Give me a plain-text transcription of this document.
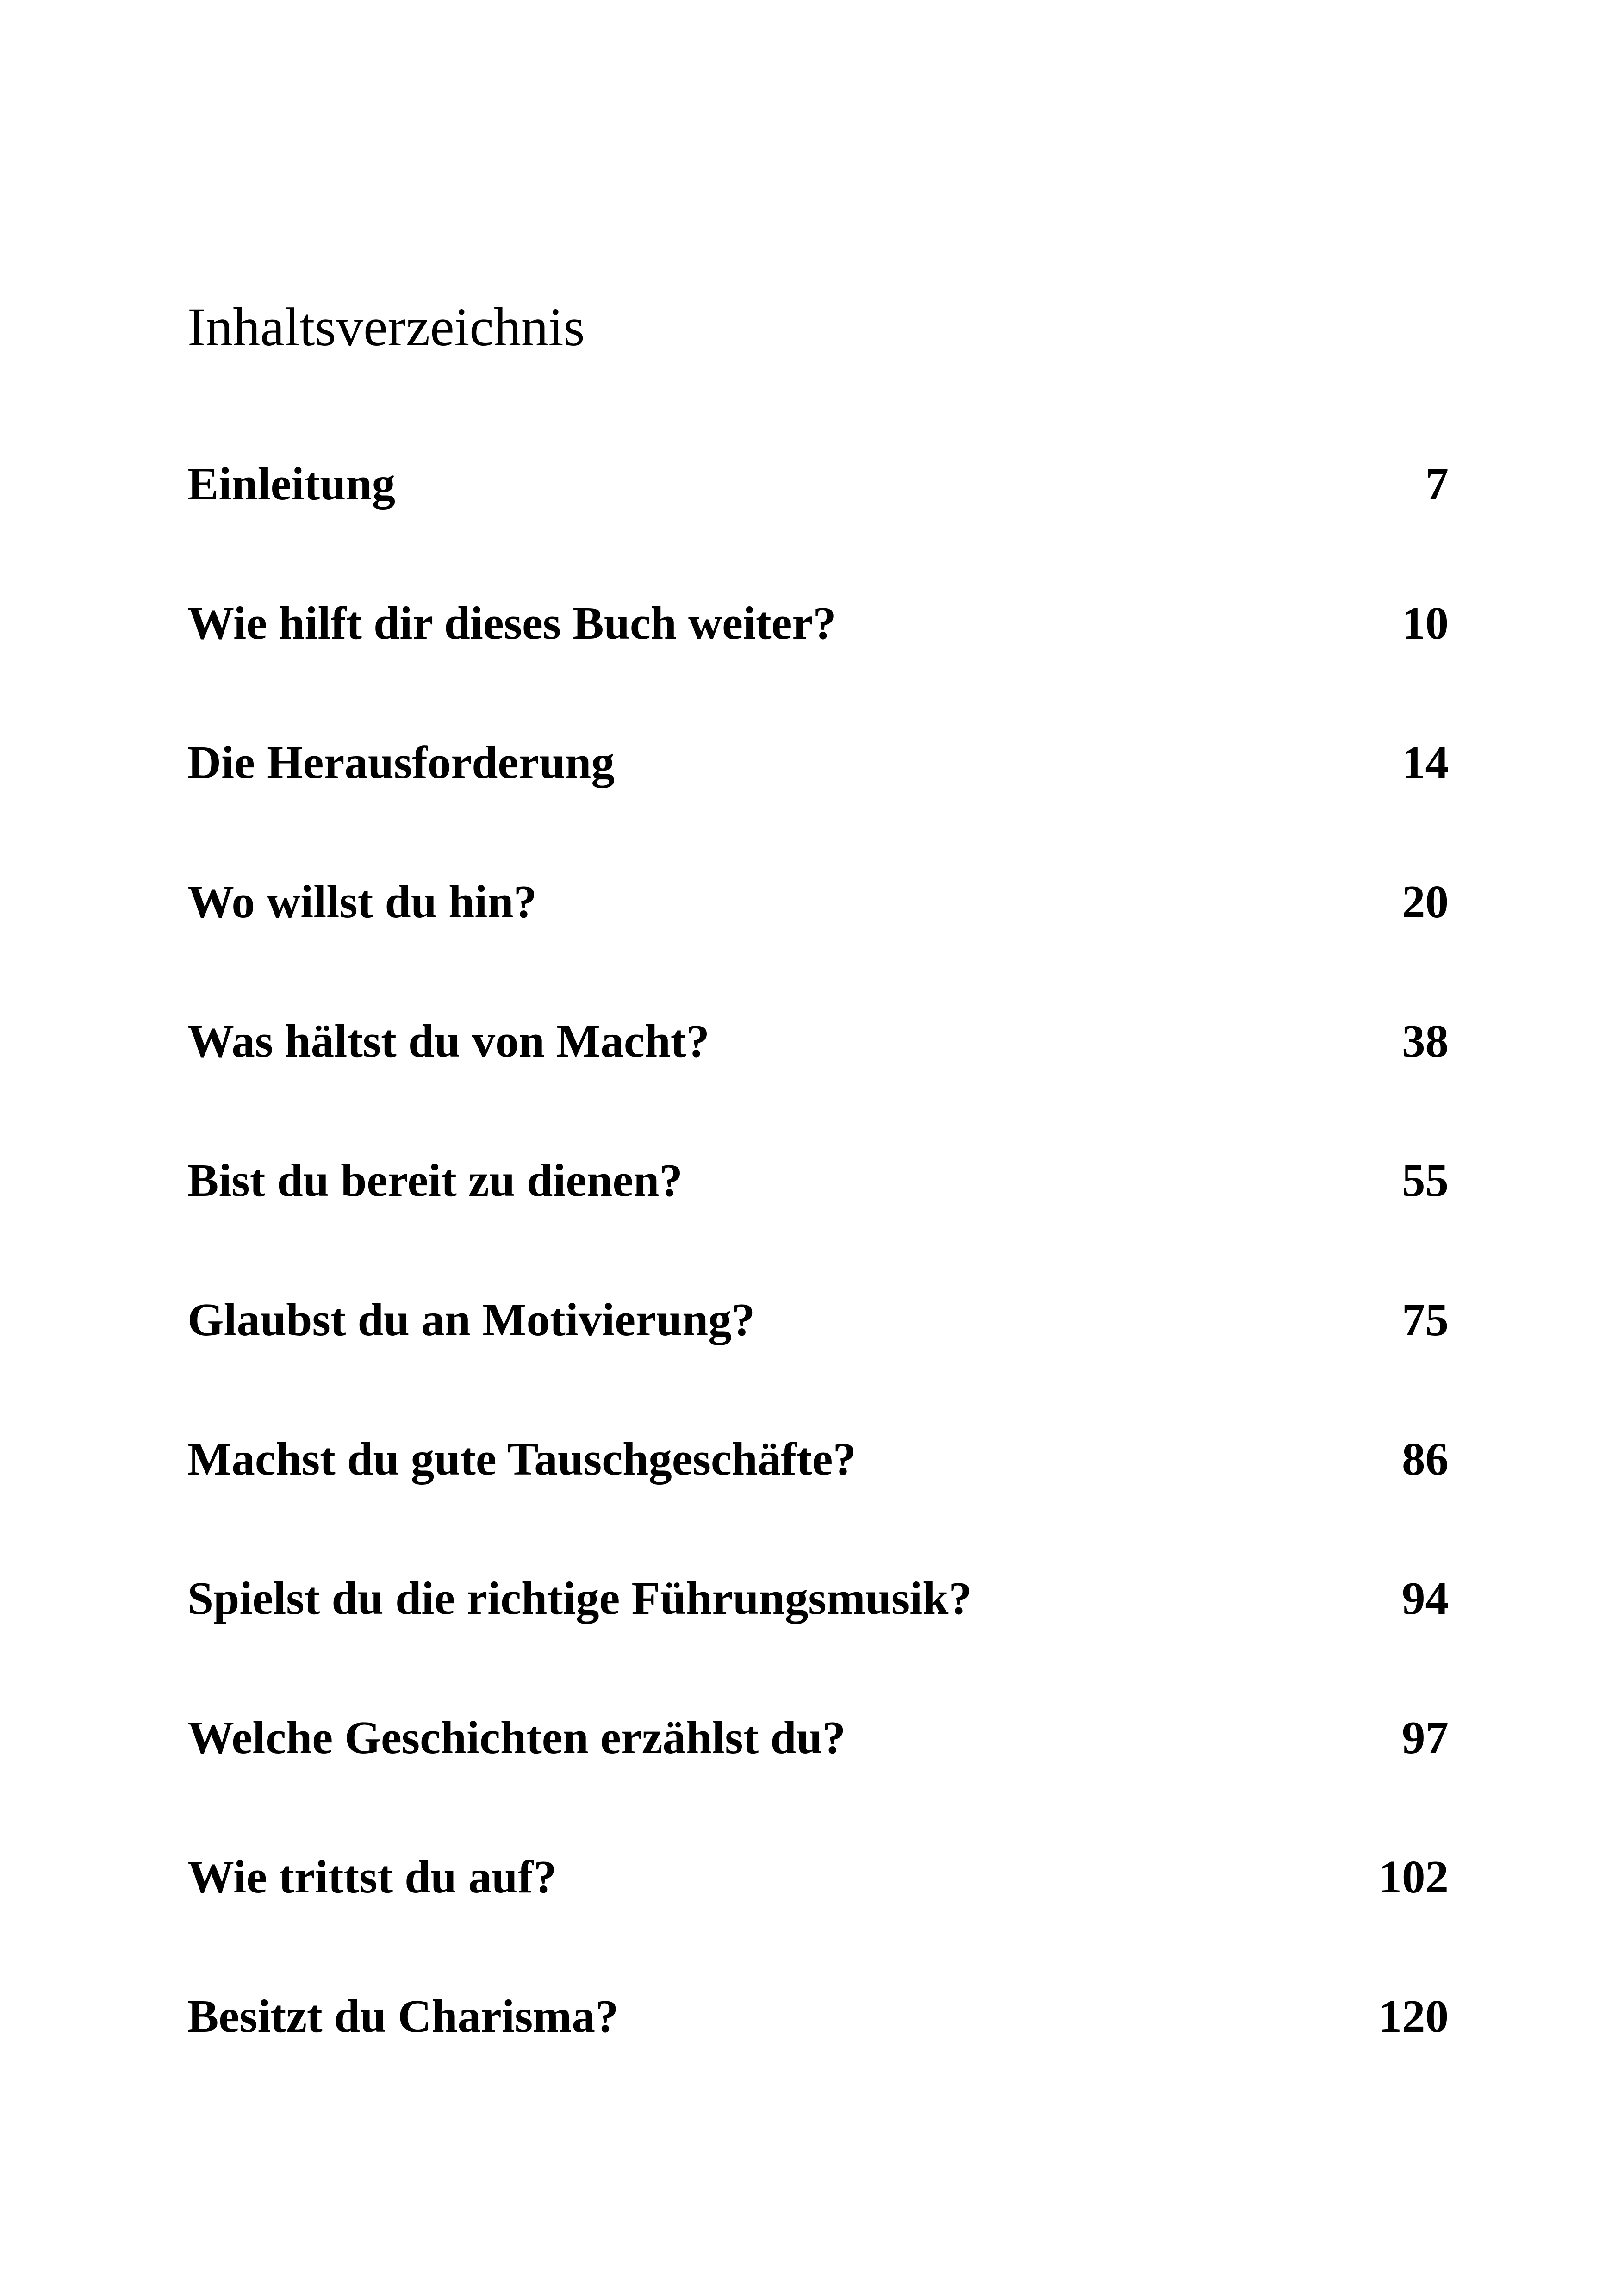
Inhaltsverzeichnis
Einleitung	7
Wie hilft dir dieses Buch weiter?	10
Die Herausforderung	14
Wo willst du hin?	20
Was hältst du von Macht?	38
Bist du bereit zu dienen?	55
Glaubst du an Motivierung?	75
Machst du gute Tauschgeschäfte?	86
Spielst du die richtige Führungsmusik?	94
Welche Geschichten erzählst du?	97
Wie trittst du auf?	102
Besitzt du Charisma?	120
